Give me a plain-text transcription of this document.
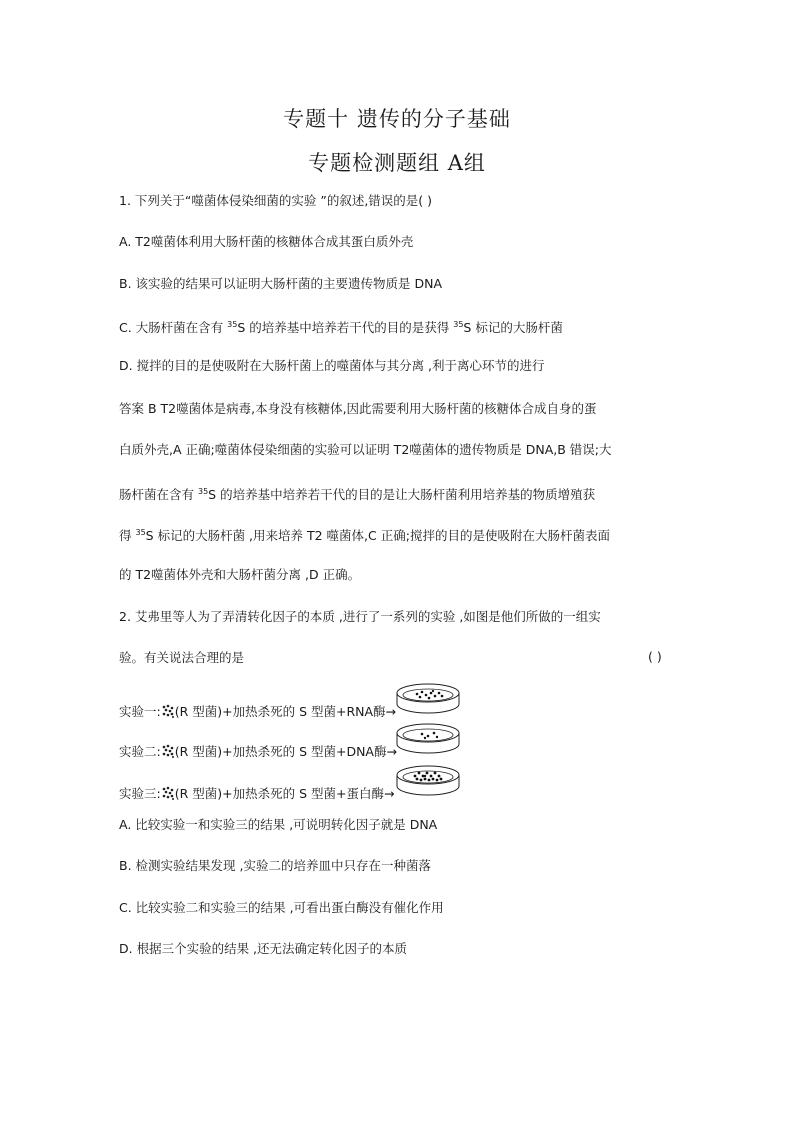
专题十 遗传的分子基础
专题检测题组 A组
1. 下列关于“噬菌体侵染细菌的实验 ”的叙述,错误的是( )
A. T2噬菌体利用大肠杆菌的核糖体合成其蛋白质外壳
B. 该实验的结果可以证明大肠杆菌的主要遗传物质是 DNA
C. 大肠杆菌在含有 $^{35}$S 的培养基中培养若干代的目的是获得 $^{35}$S 标记的大肠杆菌
D. 搅拌的目的是使吸附在大肠杆菌上的噬菌体与其分离 ,利于离心环节的进行
答案 B T2噬菌体是病毒,本身没有核糖体,因此需要利用大肠杆菌的核糖体合成自身的蛋
白质外壳,A 正确;噬菌体侵染细菌的实验可以证明 T2噬菌体的遗传物质是 DNA,B 错误;大
肠杆菌在含有 $^{35}$S 的培养基中培养若干代的目的是让大肠杆菌利用培养基的物质增殖获
得 $^{35}$S 标记的大肠杆菌 ,用来培养 T2 噬菌体,C 正确;搅拌的目的是使吸附在大肠杆菌表面
的 T2噬菌体外壳和大肠杆菌分离 ,D 正确。
2. 艾弗里等人为了弄清转化因子的本质 ,进行了一系列的实验 ,如图是他们所做的一组实
验。有关说法合理的是	( )
实验一: (R 型菌)+加热杀死的 S 型菌+RNA酶→
实验二: (R 型菌)+加热杀死的 S 型菌+DNA酶→
实验三: (R 型菌)+加热杀死的 S 型菌+蛋白酶→
A. 比较实验一和实验三的结果 ,可说明转化因子就是 DNA
B. 检测实验结果发现 ,实验二的培养皿中只存在一种菌落
C. 比较实验二和实验三的结果 ,可看出蛋白酶没有催化作用
D. 根据三个实验的结果 ,还无法确定转化因子的本质
